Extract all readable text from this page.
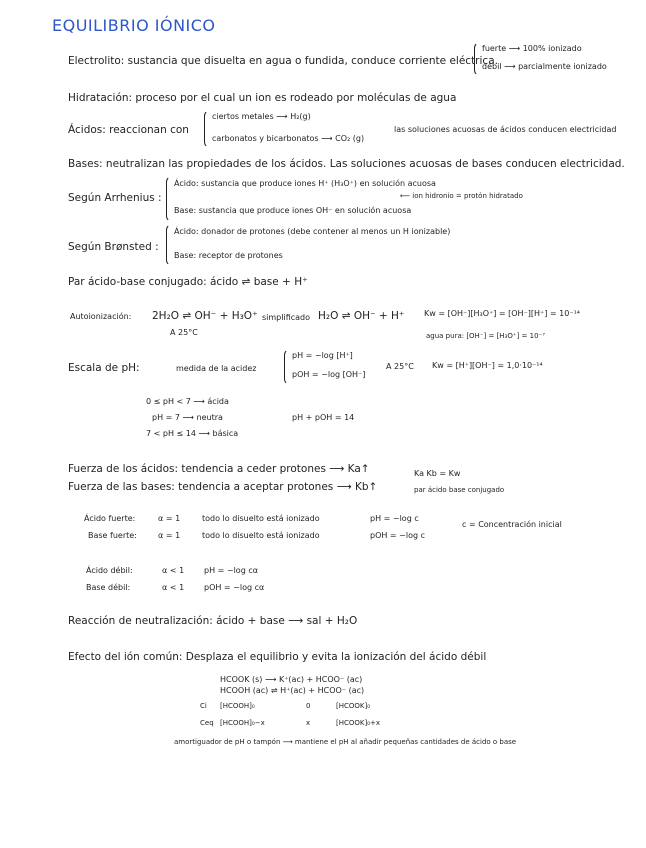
EQUILIBRIO IÓNICO
Electrolito: sustancia que disuelta en agua o fundida, conduce corriente eléctrica.
fuerte ⟶ 100% ionizado
débil ⟶ parcialmente ionizado
Hidratación: proceso por el cual un ion es rodeado por moléculas de agua
Ácidos: reaccionan con
ciertos metales ⟶ H₂(g)
carbonatos y bicarbonatos ⟶ CO₂ (g)
las soluciones acuosas de ácidos conducen electricidad
Bases: neutralizan las propiedades de los ácidos. Las soluciones acuosas de bases conducen electricidad.
Según Arrhenius :
Ácido: sustancia que produce iones H⁺ (H₃O⁺) en solución acuosa
⟵ ion hidronio = protón hidratado
Base: sustancia que produce iones OH⁻ en solución acuosa
Según Brønsted :
Ácido: donador de protones (debe contener al menos un H ionizable)
Base: receptor de protones
Par ácido-base conjugado: ácido ⇌ base + H⁺
Autoionización: 2H₂O ⇌ OH⁻ + H₃O⁺ simplificado H₂O ⇌ OH⁻ + H⁺
A 25°C
Kw = [OH⁻][H₃O⁺] = [OH⁻][H⁺] = 10⁻¹⁴
agua pura: [OH⁻] = [H₃O⁺] = 10⁻⁷
Escala de pH:	medida de la acidez
pH = −log [H⁺]
pOH = −log [OH⁻]
A 25°C Kw = [H⁺][OH⁻] = 1,0·10⁻¹⁴
0 ≤ pH < 7 ⟶ ácida
pH = 7 ⟶ neutra
7 < pH ≤ 14 ⟶ básica
pH + pOH = 14
Fuerza de los ácidos: tendencia a ceder protones ⟶ Ka↑
Fuerza de las bases: tendencia a aceptar protones ⟶ Kb↑
Ka Kb = Kw
par ácido base conjugado
Ácido fuerte:	α = 1	todo lo disuelto está ionizado	pH = −log c
Base fuerte:	α = 1	todo lo disuelto está ionizado	pOH = −log c
c = Concentración inicial
Ácido débil:	α < 1 pH = −log cα
Base débil:	α < 1 pOH = −log cα
Reacción de neutralización: ácido + base ⟶ sal + H₂O
Efecto del ión común: Desplaza el equilibrio y evita la ionización del ácido débil
HCOOK (s) ⟶ K⁺(ac) + HCOO⁻ (ac)
HCOOH (ac) ⇌ H⁺(ac) + HCOO⁻ (ac)
Ci [HCOOH]₀	0	[HCOOK]₀
Ceq [HCOOH]₀−x	x	[HCOOK]₀+x
amortiguador de pH o tampón ⟶ mantiene el pH al añadir pequeñas cantidades de ácido o base
